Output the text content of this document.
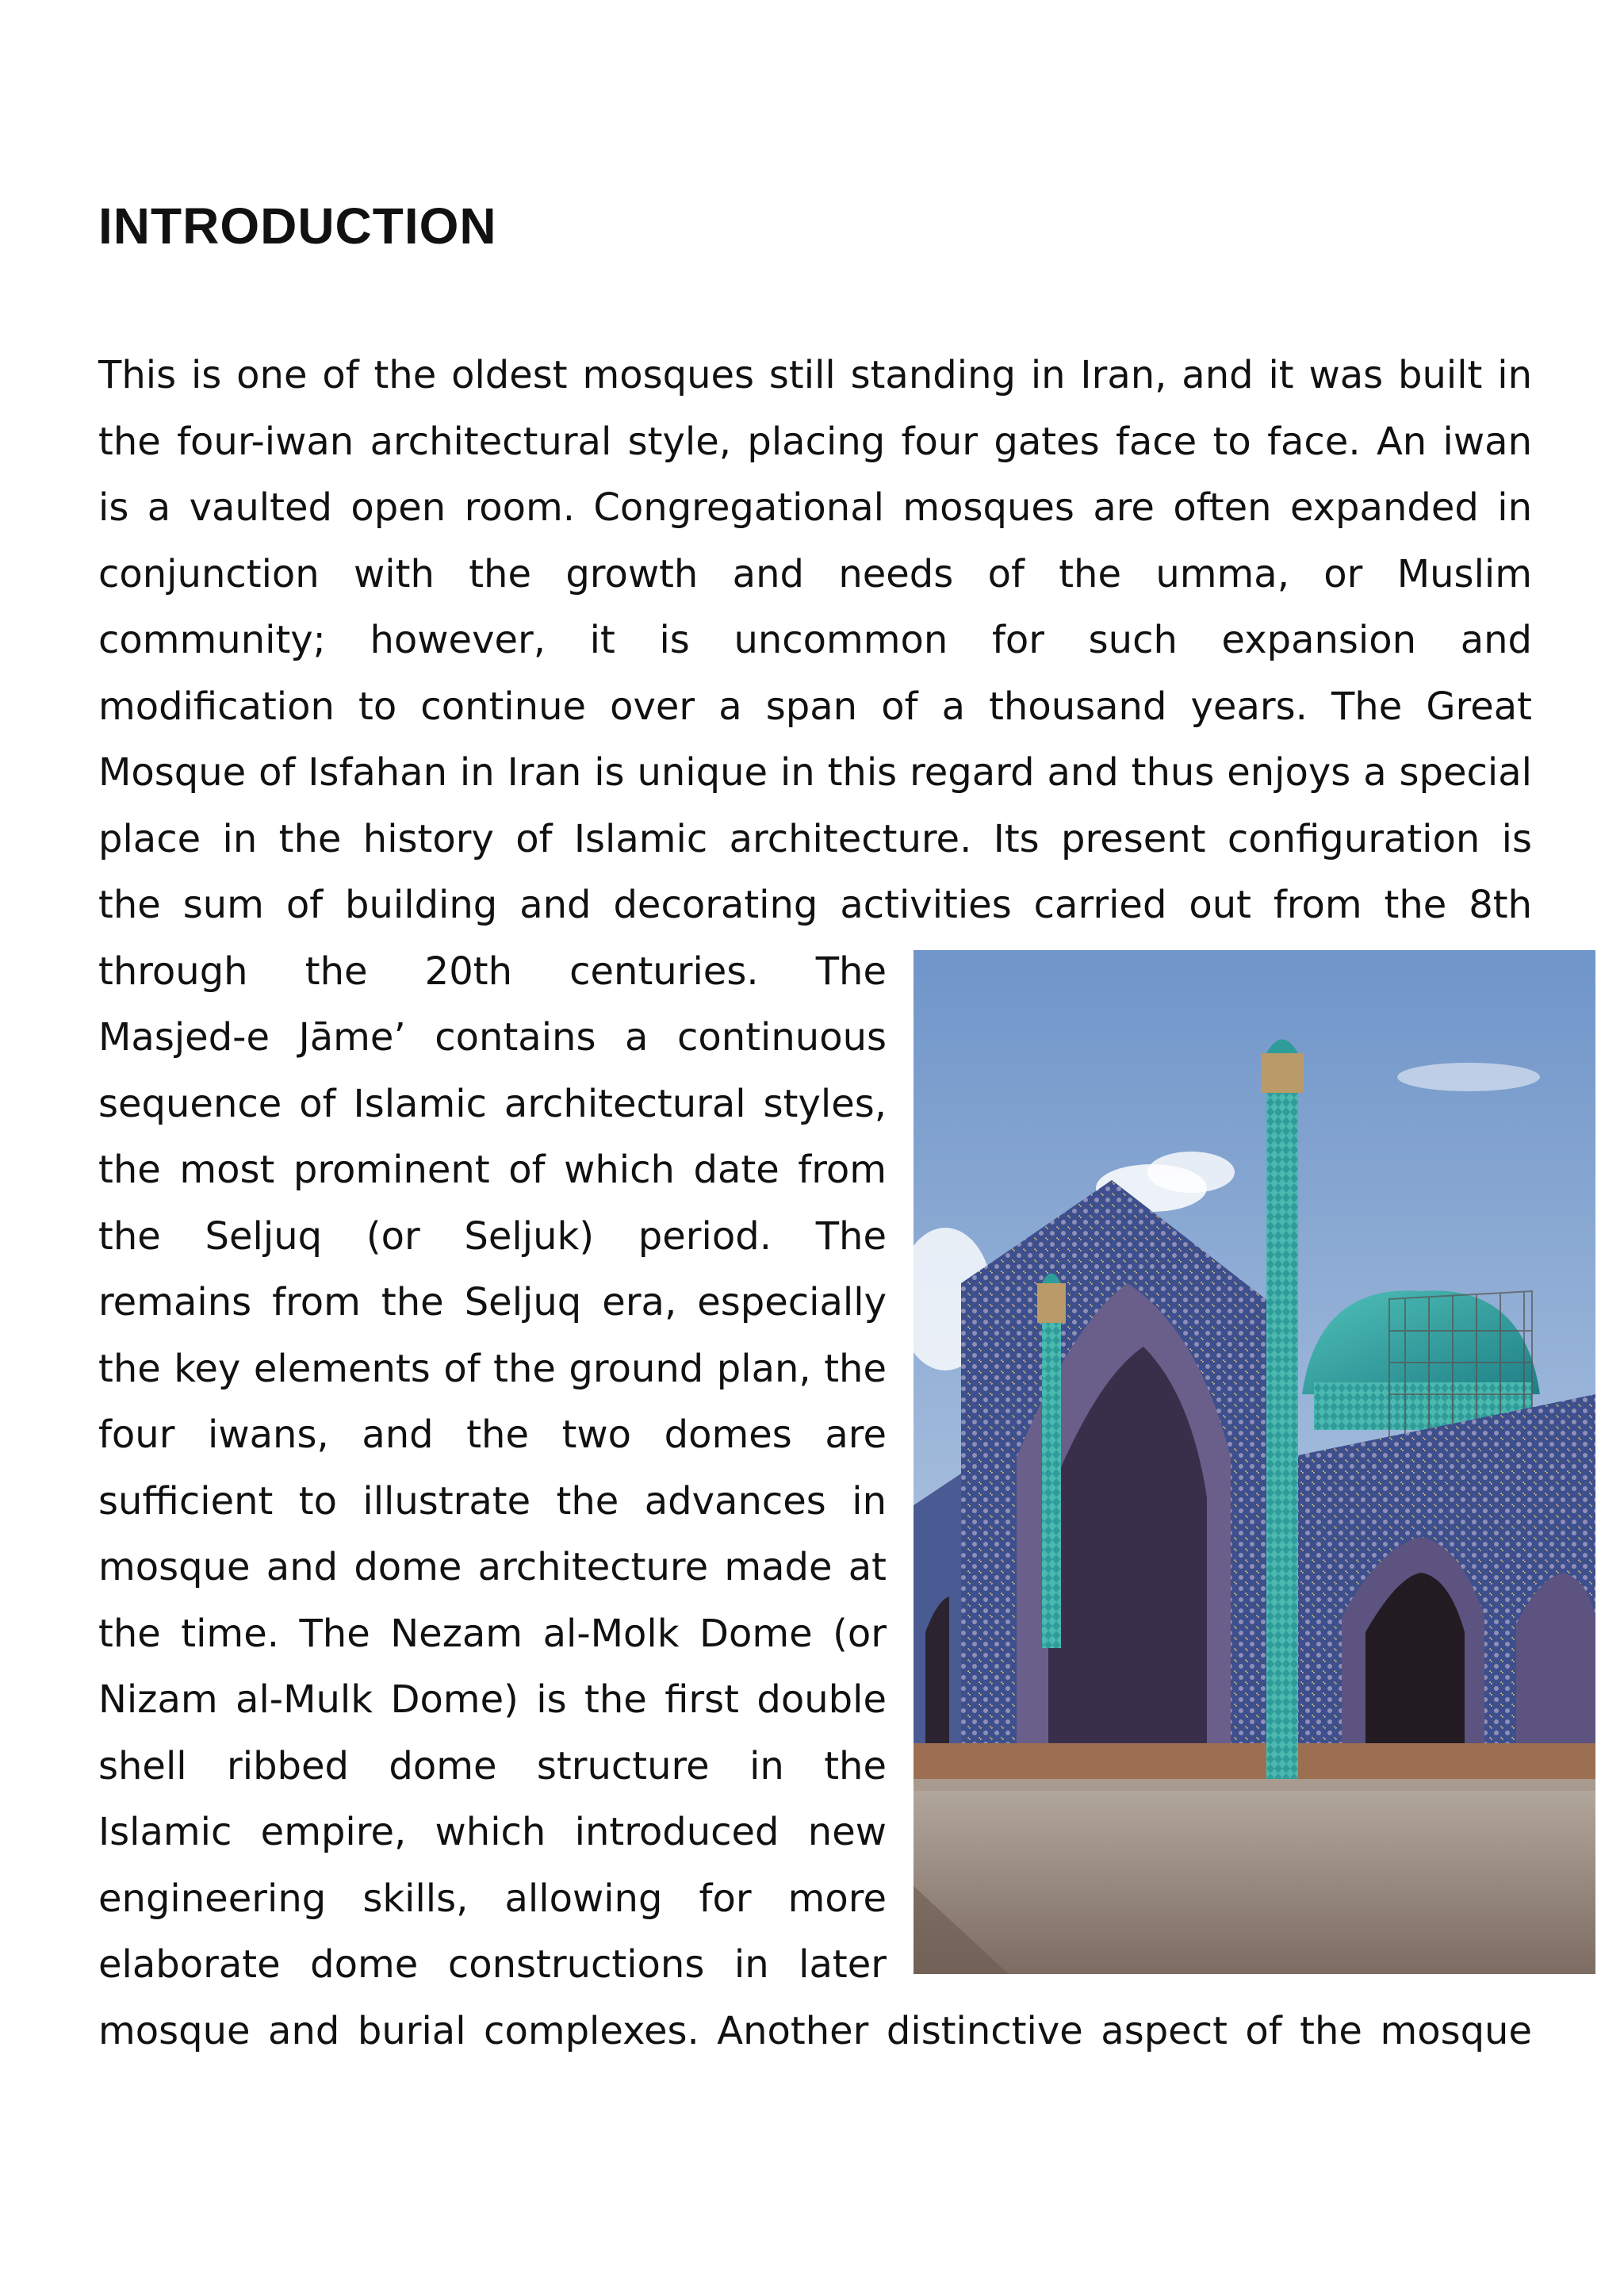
INTRODUCTION
This is one of the oldest mosques still standing in Iran, and it was built in
the four-iwan architectural style, placing four gates face to face. An iwan
is a vaulted open room. Congregational mosques are often expanded in
conjunction with the growth and needs of the umma, or Muslim
community; however, it is uncommon for such expansion and
modification to continue over a span of a thousand years. The Great
Mosque of Isfahan in Iran is unique in this regard and thus enjoys a special
place in the history of Islamic architecture. Its present configuration is
the sum of building and decorating activities carried out from the 8th
through the 20th centuries. The
Masjed-e Jāme’ contains a continuous
sequence of Islamic architectural styles,
the most prominent of which date from
the Seljuq (or Seljuk) period. The
remains from the Seljuq era, especially
the key elements of the ground plan, the
four iwans, and the two domes are
sufficient to illustrate the advances in
mosque and dome architecture made at
the time. The Nezam al-Molk Dome (or
Nizam al-Mulk Dome) is the first double
shell ribbed dome structure in the
Islamic empire, which introduced new
engineering skills, allowing for more
elaborate dome constructions in later
mosque and burial complexes. Another distinctive aspect of the mosque
